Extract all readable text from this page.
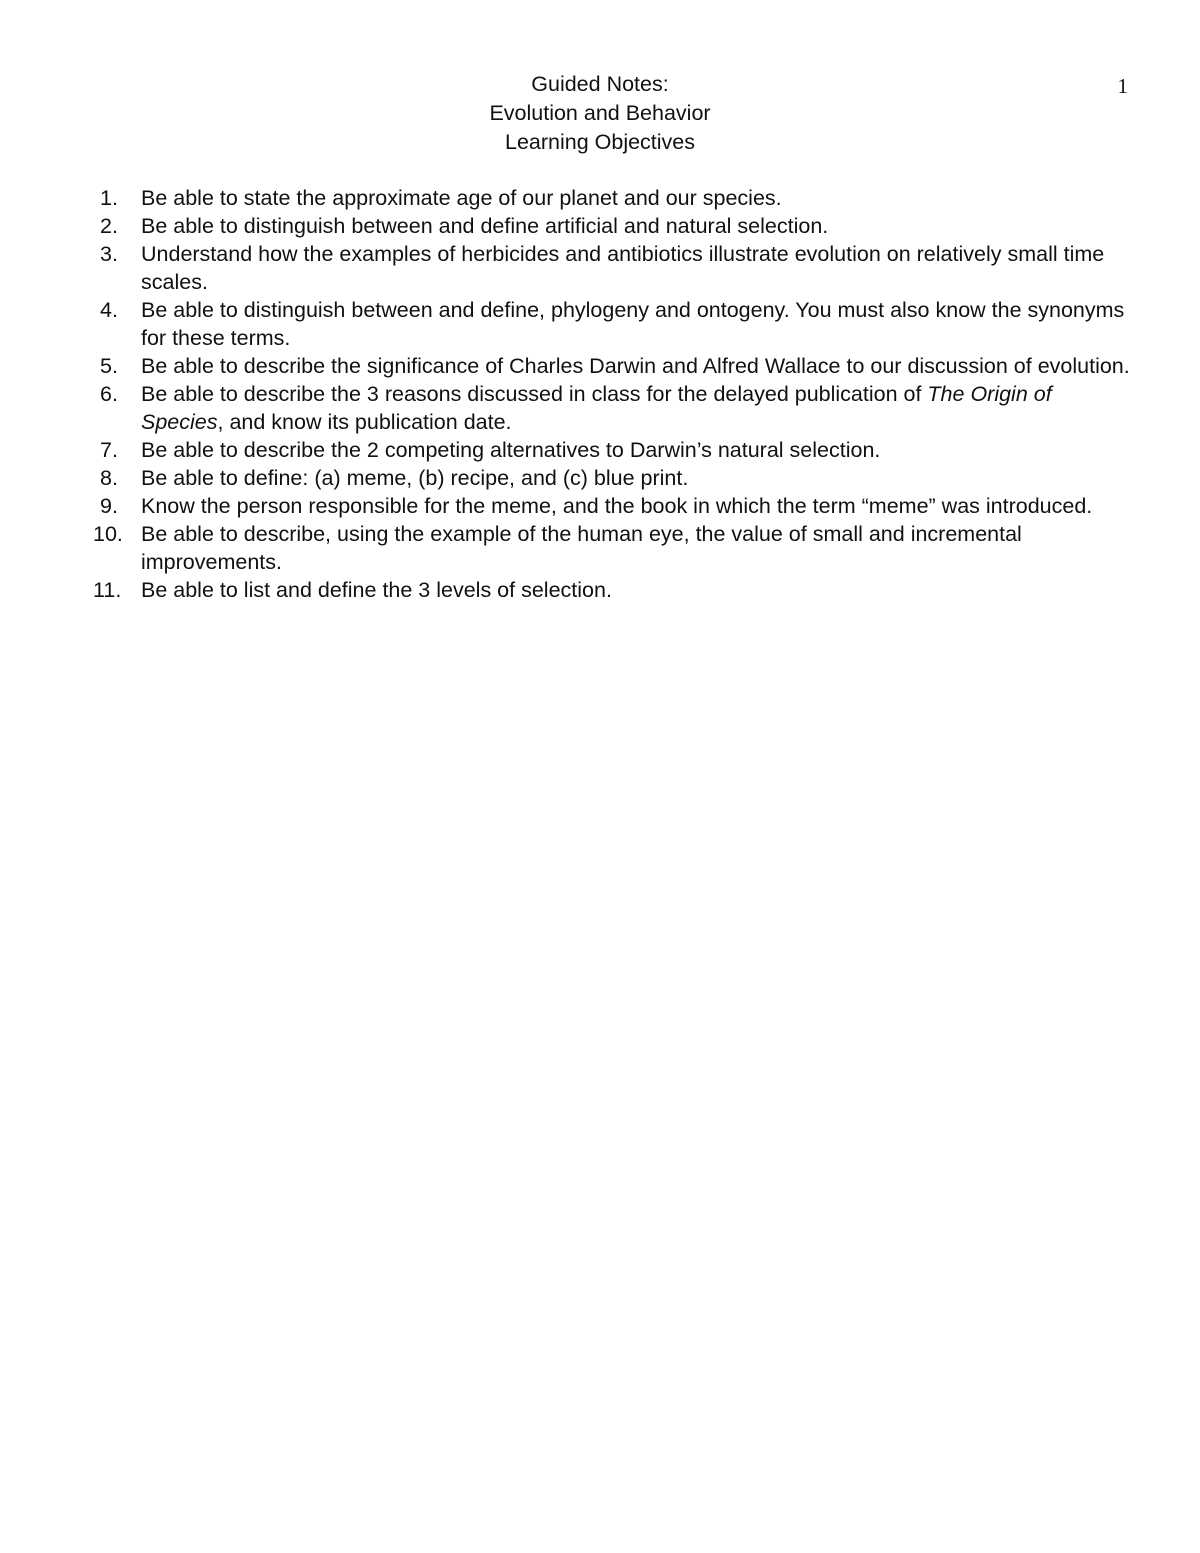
1
Guided Notes:
Evolution and Behavior
Learning Objectives
1.	Be able to state the approximate age of our planet and our species.
2.	Be able to distinguish between and define artificial and natural selection.
3.	Understand how the examples of herbicides and antibiotics illustrate evolution on relatively small time scales.
4.	Be able to distinguish between and define, phylogeny and ontogeny. You must also know the synonyms for these terms.
5.	Be able to describe the significance of Charles Darwin and Alfred Wallace to our discussion of evolution.
6.	Be able to describe the 3 reasons discussed in class for the delayed publication of The Origin of Species, and know its publication date.
7.	Be able to describe the 2 competing alternatives to Darwin’s natural selection.
8.	Be able to define: (a) meme, (b) recipe, and (c) blue print.
9.	Know the person responsible for the meme, and the book in which the term “meme” was introduced.
10. Be able to describe, using the example of the human eye, the value of small and incremental improvements.
11. Be able to list and define the 3 levels of selection.
